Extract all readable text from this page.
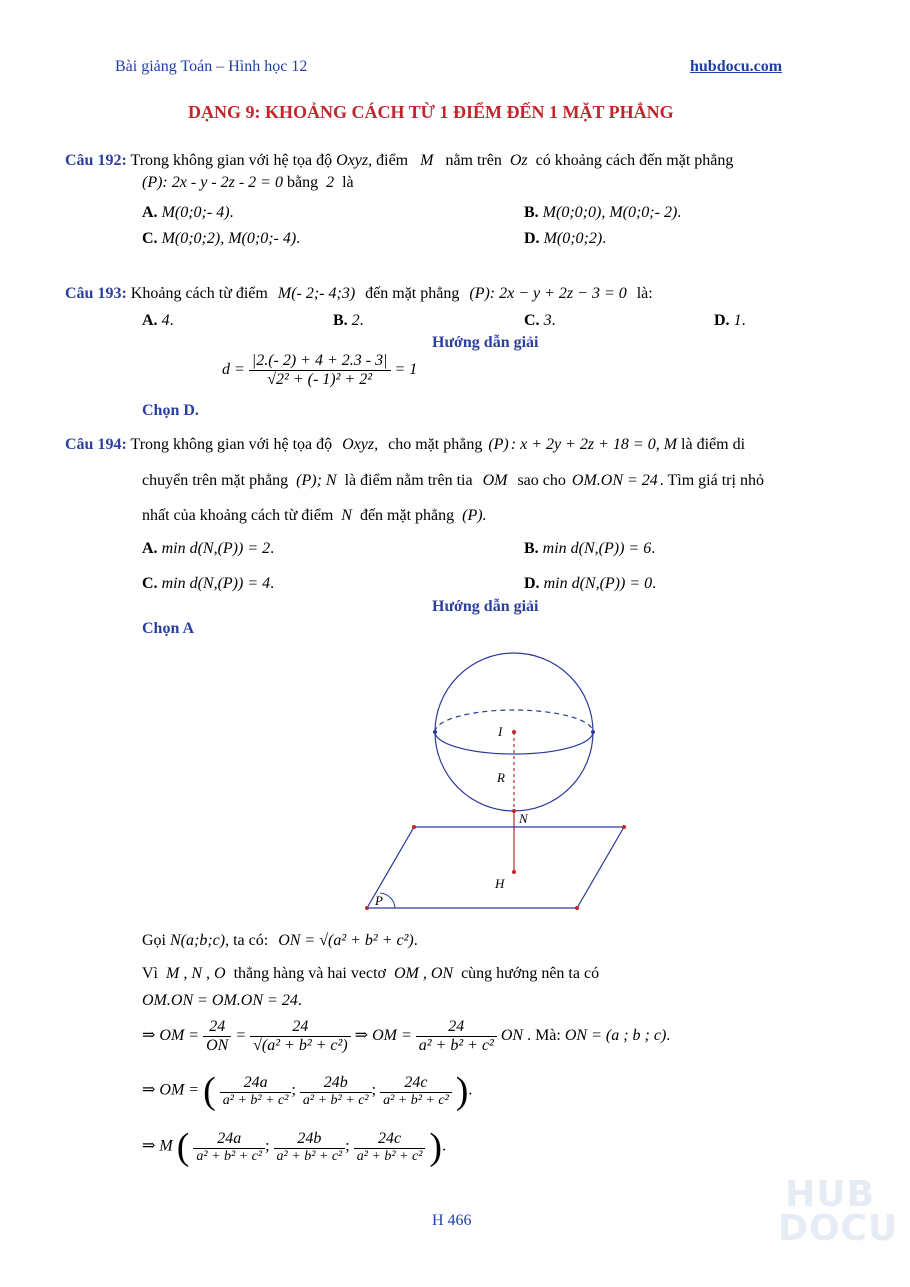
Bài giảng Toán – Hình học 12	hubdocu.com
DẠNG 9: KHOẢNG CÁCH TỪ 1 ĐIỂM ĐẾN 1 MẶT PHẲNG
Câu 192: Trong không gian với hệ tọa độ Oxyz, điểm M nằm trên Oz có khoảng cách đến mặt phẳng
(P): 2x - y - 2z - 2 = 0 bằng 2 là
A. M(0;0;- 4).	B. M(0;0;0), M(0;0;- 2).
C. M(0;0;2), M(0;0;- 4).	D. M(0;0;2).
Câu 193: Khoảng cách từ điểm M(- 2;- 4;3) đến mặt phẳng (P): 2x − y + 2z − 3 = 0 là:
A. 4.	B. 2.	C. 3.	D. 1.
Hướng dẫn giải
$d = \frac{|2.(- 2) + 4 + 2.3 - 3|}{\text{√2² + (- 1)² + 2²}} = 1$
Chọn D.
Câu 194: Trong không gian với hệ tọa độ Oxyz, cho mặt phẳng (P) : x + 2y + 2z + 18 = 0, M là điểm di
chuyển trên mặt phẳng (P); N là điểm nằm trên tia OM sao cho OM.ON = 24 . Tìm giá trị nhỏ
nhất của khoảng cách từ điểm N đến mặt phẳng (P).
A. min d(N,(P)) = 2.	B. min d(N,(P)) = 6.
C. min d(N,(P)) = 4.	D. min d(N,(P)) = 0.
Hướng dẫn giải
Chọn A
I
R
N
H
P
Gọi N(a;b;c), ta có: ON = √(a² + b² + c²).
Vì M , N , O thẳng hàng và hai vectơ OM , ON cùng hướng nên ta có
OM.ON = OM.ON = 24.
⇒ OM = $\frac{24}{ON} = \frac{24}{\text{√(a² + b² + c²)}}$ ⇒ OM = $\frac{24}{\text{a² + b² + c²}}$ ON . Mà: ON = (a ; b ; c).
⇒ OM = ( $\frac{24a}{\text{a² + b² + c²}}$ ; $\frac{24b}{\text{a² + b² + c²}}$ ; $\frac{24c}{\text{a² + b² + c²}}$ ).
⇒ M ( $\frac{24a}{\text{a² + b² + c²}}$ ; $\frac{24b}{\text{a² + b² + c²}}$ ; $\frac{24c}{\text{a² + b² + c²}}$ ).
H 466
HUB DOCU
